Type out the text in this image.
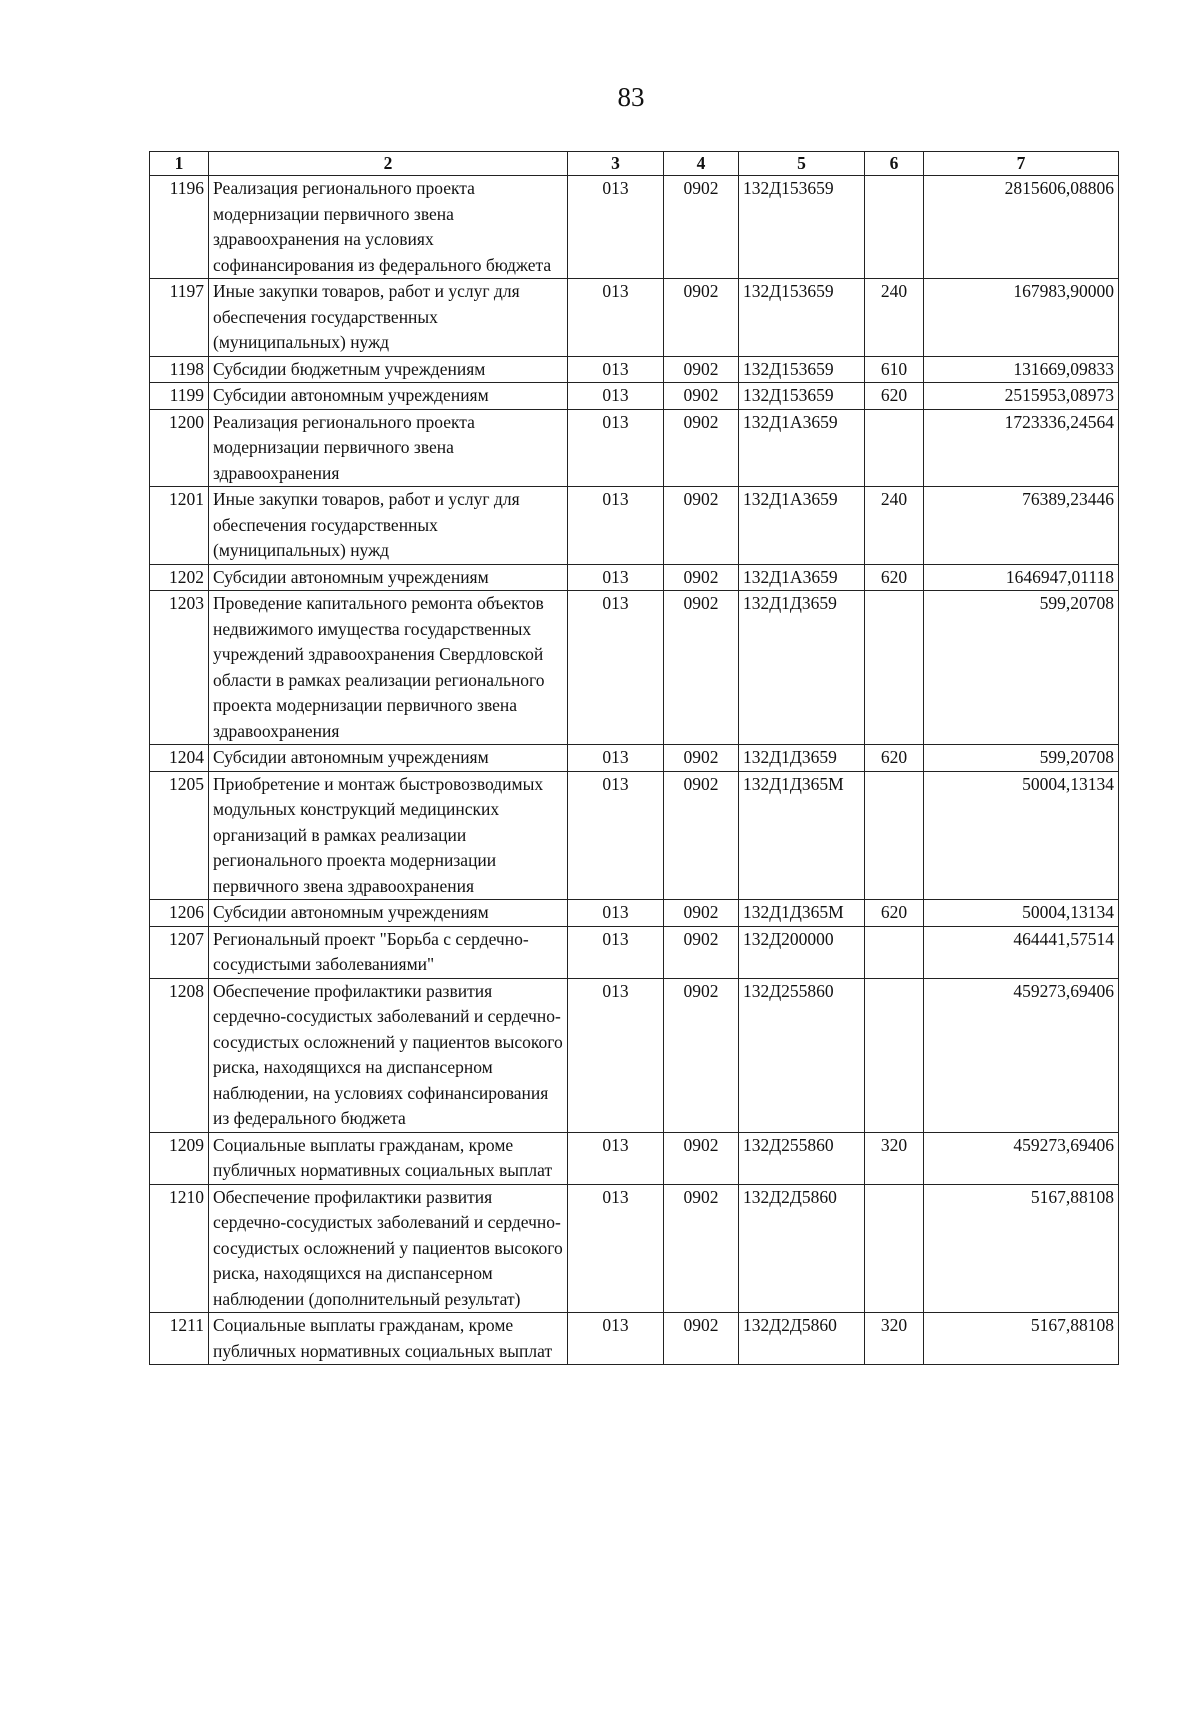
83
1	2	3	4	5	6	7
1196	Реализация регионального проекта модернизации первичного звена здравоохранения на условиях софинансирования из федерального бюджета	013	0902	132Д153659		2815606,08806
1197	Иные закупки товаров, работ и услуг для обеспечения государственных (муниципальных) нужд	013	0902	132Д153659	240	167983,90000
1198	Субсидии бюджетным учреждениям	013	0902	132Д153659	610	131669,09833
1199	Субсидии автономным учреждениям	013	0902	132Д153659	620	2515953,08973
1200	Реализация регионального проекта модернизации первичного звена здравоохранения	013	0902	132Д1А3659		1723336,24564
1201	Иные закупки товаров, работ и услуг для обеспечения государственных (муниципальных) нужд	013	0902	132Д1А3659	240	76389,23446
1202	Субсидии автономным учреждениям	013	0902	132Д1А3659	620	1646947,01118
1203	Проведение капитального ремонта объектов недвижимого имущества государственных учреждений здравоохранения Свердловской области в рамках реализации регионального проекта модернизации первичного звена здравоохранения	013	0902	132Д1Д3659		599,20708
1204	Субсидии автономным учреждениям	013	0902	132Д1Д3659	620	599,20708
1205	Приобретение и монтаж быстровозводимых модульных конструкций медицинских организаций в рамках реализации регионального проекта модернизации первичного звена здравоохранения	013	0902	132Д1Д365М		50004,13134
1206	Субсидии автономным учреждениям	013	0902	132Д1Д365М	620	50004,13134
1207	Региональный проект "Борьба с сердечно-сосудистыми заболеваниями"	013	0902	132Д200000		464441,57514
1208	Обеспечение профилактики развития сердечно-сосудистых заболеваний и сердечно-сосудистых осложнений у пациентов высокого риска, находящихся на диспансерном наблюдении, на условиях софинансирования из федерального бюджета	013	0902	132Д255860		459273,69406
1209	Социальные выплаты гражданам, кроме публичных нормативных социальных выплат	013	0902	132Д255860	320	459273,69406
1210	Обеспечение профилактики развития сердечно-сосудистых заболеваний и сердечно-сосудистых осложнений у пациентов высокого риска, находящихся на диспансерном наблюдении (дополнительный результат)	013	0902	132Д2Д5860		5167,88108
1211	Социальные выплаты гражданам, кроме публичных нормативных социальных выплат	013	0902	132Д2Д5860	320	5167,88108
